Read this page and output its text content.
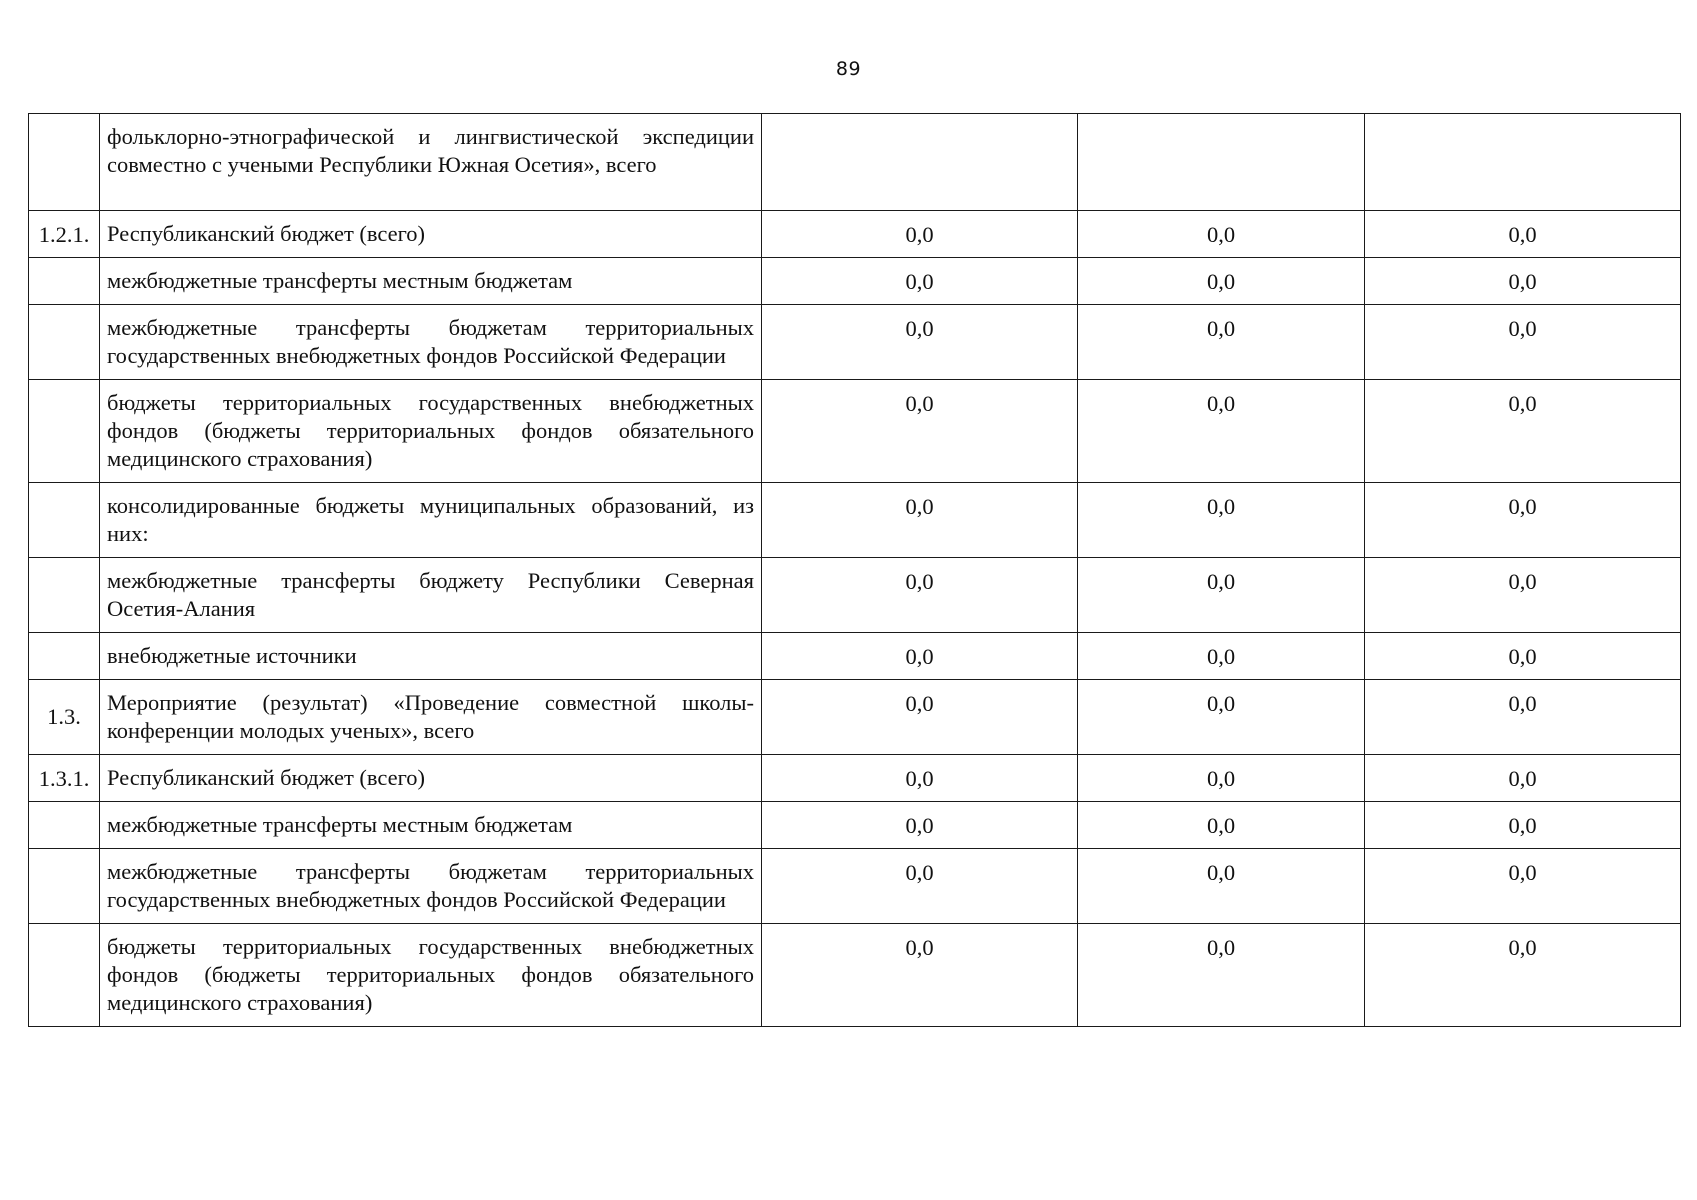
89
	фольклорно-этнографической и лингвистической экспедиции совместно с учеными Республики Южная Осетия», всего			
1.2.1.	Республиканский бюджет (всего)	0,0	0,0	0,0
	межбюджетные трансферты местным бюджетам	0,0	0,0	0,0
	межбюджетные трансферты бюджетам территориальных государственных внебюджетных фондов Российской Федерации	0,0	0,0	0,0
	бюджеты территориальных государственных внебюджетных фондов (бюджеты территориальных фондов обязательного медицинского страхования)	0,0	0,0	0,0
	консолидированные бюджеты муниципальных образований, из них:	0,0	0,0	0,0
	межбюджетные трансферты бюджету Республики Северная Осетия-Алания	0,0	0,0	0,0
	внебюджетные источники	0,0	0,0	0,0
1.3.	Мероприятие (результат) «Проведение совместной школы-конференции молодых ученых», всего	0,0	0,0	0,0
1.3.1.	Республиканский бюджет (всего)	0,0	0,0	0,0
	межбюджетные трансферты местным бюджетам	0,0	0,0	0,0
	межбюджетные трансферты бюджетам территориальных государственных внебюджетных фондов Российской Федерации	0,0	0,0	0,0
	бюджеты территориальных государственных внебюджетных фондов (бюджеты территориальных фондов обязательного медицинского страхования)	0,0	0,0	0,0
